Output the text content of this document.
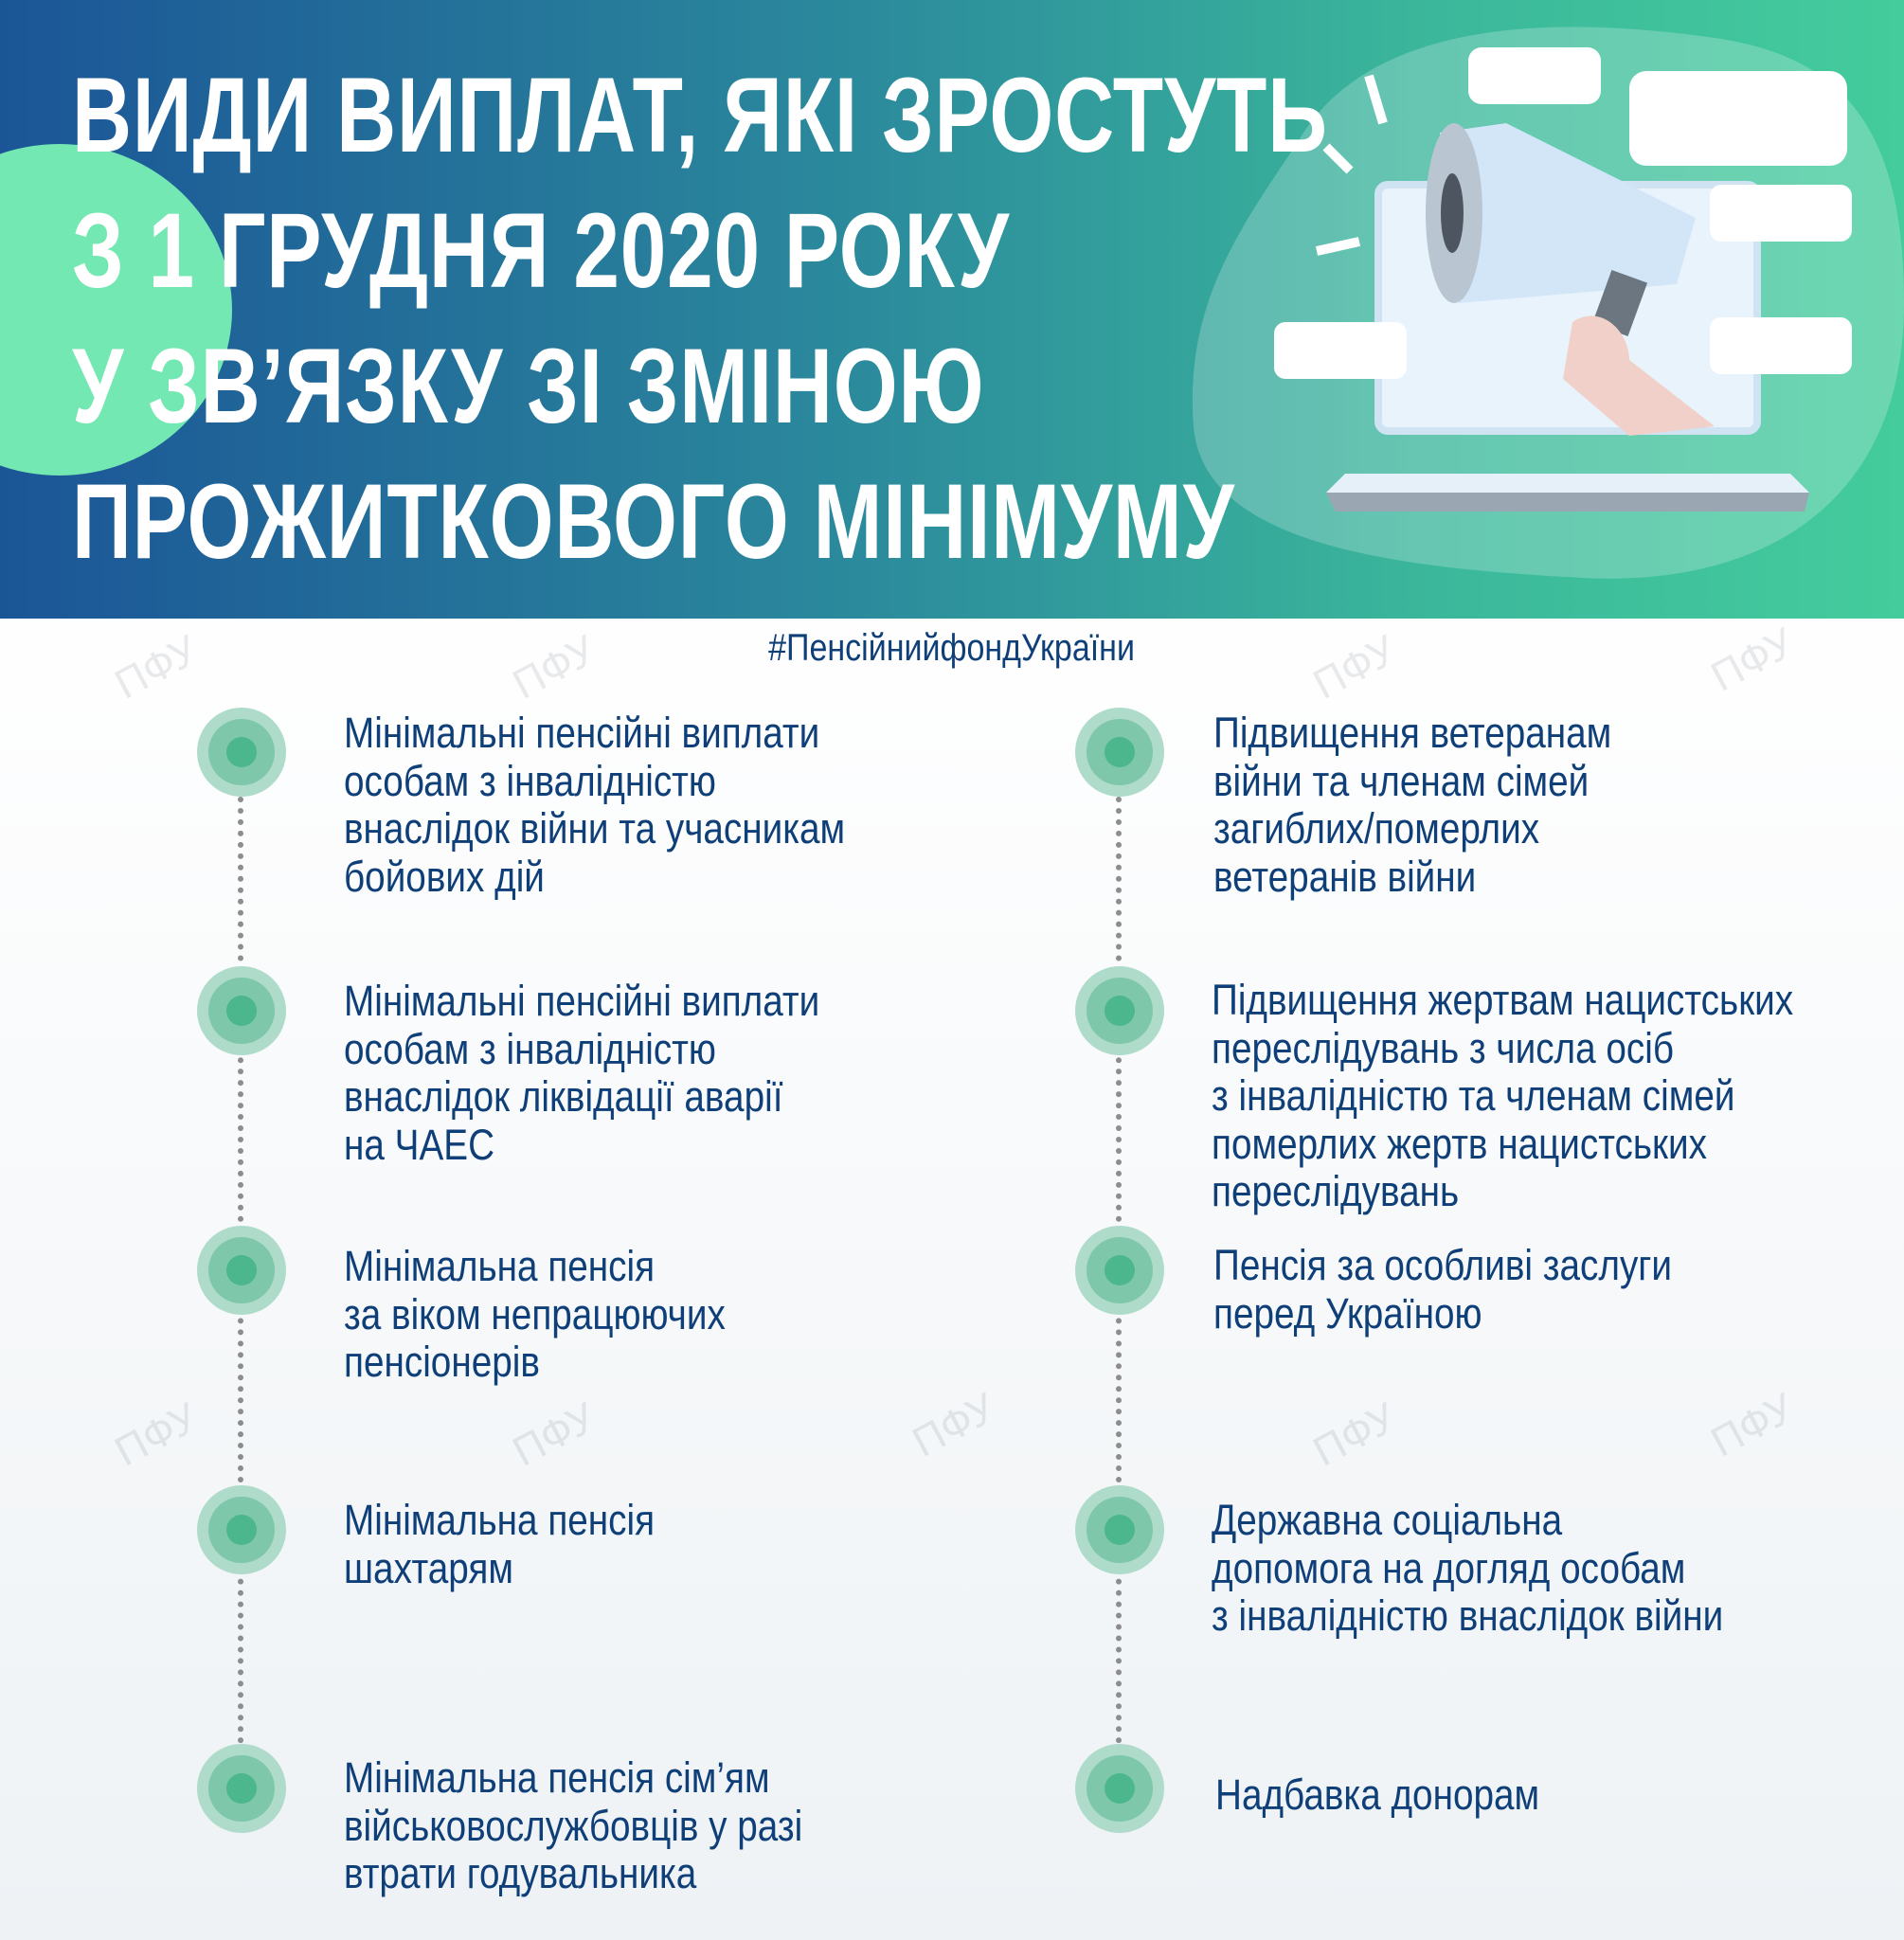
ВИДИ ВИПЛАТ, ЯКІ ЗРОСТУТЬ
З 1 ГРУДНЯ 2020 РОКУ
У ЗВ’ЯЗКУ ЗІ ЗМІНОЮ
ПРОЖИТКОВОГО МІНІМУМУ
#ПенсійнийфондУкраїни
ПФУ	ПФУ	ПФУ	ПФУ
ПФУ	ПФУ	ПФУ	ПФУ	ПФУ
Мінімальні пенсійні виплати
особам з інвалідністю
внаслідок війни та учасникам
бойових дій
Мінімальні пенсійні виплати
особам з інвалідністю
внаслідок ліквідації аварії
на ЧАЕС
Мінімальна пенсія
за віком непрацюючих
пенсіонерів
Мінімальна пенсія
шахтарям
Мінімальна пенсія сім’ям
військовослужбовців у разі
втрати годувальника
Підвищення ветеранам
війни та членам сімей
загиблих/померлих
ветеранів війни
Підвищення жертвам нацистських
переслідувань з числа осіб
з інвалідністю та членам сімей
померлих жертв нацистських
переслідувань
Пенсія за особливі заслуги
перед Україною
Державна соціальна
допомога на догляд особам
з інвалідністю внаслідок війни
Надбавка донорам
